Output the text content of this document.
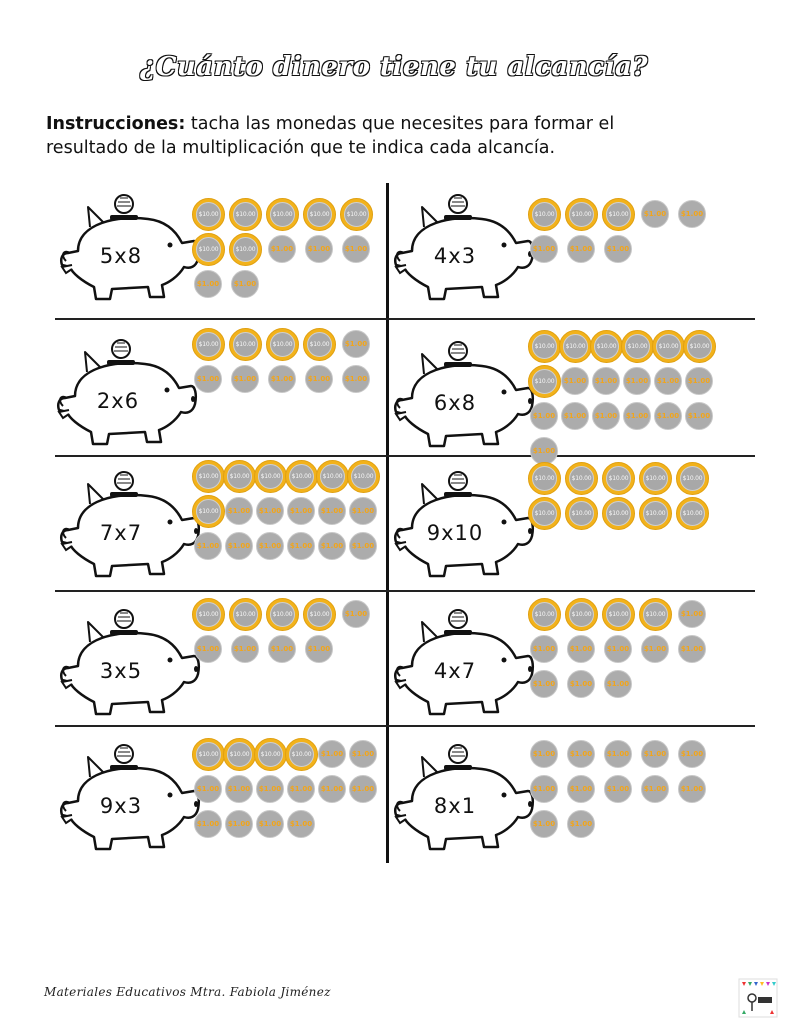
¿Cuánto dinero tiene tu alcancía?
Instrucciones: tacha las monedas que necesites para formar el
resultado de la multiplicación que te indica cada alcancía.
5x8
$10.00	$10.00	$10.00	$10.00	$10.00
$10.00	$10.00 $1.00 $1.00 $1.00
$1.00 $1.00
4x3
$10.00	$10.00	$10.00 $1.00 $1.00
$1.00 $1.00 $1.00
2x6
$10.00	$10.00	$10.00	$10.00 $1.00
$1.00 $1.00 $1.00 $1.00 $1.00
6x8
$10.00 $10.00 $10.00 $10.00 $10.00 $10.00
$10.00 $1.00 $1.00 $1.00 $1.00 $1.00
$1.00 $1.00 $1.00 $1.00 $1.00 $1.00
$1.00
7x7
$10.00 $10.00 $10.00 $10.00 $10.00 $10.00
$10.00 $1.00 $1.00 $1.00 $1.00 $1.00
$1.00 $1.00 $1.00 $1.00 $1.00 $1.00
9x10
$10.00	$10.00	$10.00	$10.00	$10.00
$10.00	$10.00	$10.00	$10.00	$10.00
3x5
$10.00	$10.00	$10.00	$10.00 $1.00
$1.00 $1.00 $1.00 $1.00
4x7
$10.00	$10.00	$10.00	$10.00 $1.00
$1.00 $1.00 $1.00 $1.00 $1.00
$1.00 $1.00 $1.00
9x3
$10.00 $10.00 $10.00 $10.00 $1.00 $1.00
$1.00 $1.00 $1.00 $1.00 $1.00 $1.00
$1.00 $1.00 $1.00 $1.00
8x1
$1.00 $1.00 $1.00 $1.00 $1.00
$1.00 $1.00 $1.00 $1.00 $1.00
$1.00 $1.00
Materiales Educativos Mtra. Fabiola Jiménez
